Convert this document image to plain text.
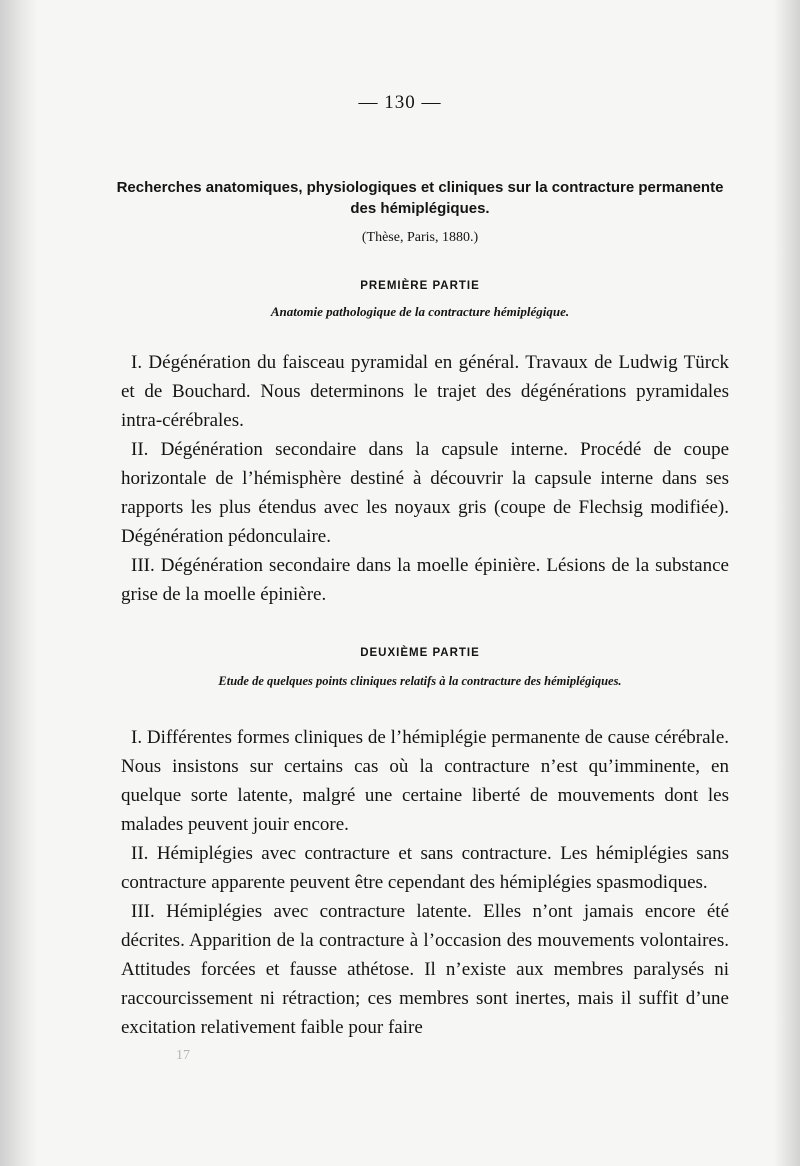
— 130 —
Recherches anatomiques, physiologiques et cliniques sur la contracture permanente des hémiplégiques.
(Thèse, Paris, 1880.)
PREMIÈRE PARTIE
Anatomie pathologique de la contracture hémiplégique.

I. Dégénération du faisceau pyramidal en général. Travaux de Ludwig Türck et de Bouchard. Nous determinons le trajet des dégénérations pyramidales intra-cérébrales.

II. Dégénération secondaire dans la capsule interne. Procédé de coupe horizontale de l’hémisphère destiné à découvrir la capsule interne dans ses rapports les plus étendus avec les noyaux gris (coupe de Flechsig modifiée). Dégénération pédonculaire.

III. Dégénération secondaire dans la moelle épinière. Lésions de la substance grise de la moelle épinière.

DEUXIÈME PARTIE
Etude de quelques points cliniques relatifs à la contracture des hémiplégiques.

I. Différentes formes cliniques de l’hémiplégie permanente de cause cérébrale. Nous insistons sur certains cas où la contracture n’est qu’imminente, en quelque sorte latente, malgré une certaine liberté de mouvements dont les malades peuvent jouir encore.

II. Hémiplégies avec contracture et sans contracture. Les hémiplégies sans contracture apparente peuvent être cependant des hémiplégies spasmodiques.

III. Hémiplégies avec contracture latente. Elles n’ont jamais encore été décrites. Apparition de la contracture à l’occasion des mouvements volontaires. Attitudes forcées et fausse athétose. Il n’existe aux membres paralysés ni raccourcissement ni rétraction; ces membres sont inertes, mais il suffit d’une excitation relativement faible pour faire

17
